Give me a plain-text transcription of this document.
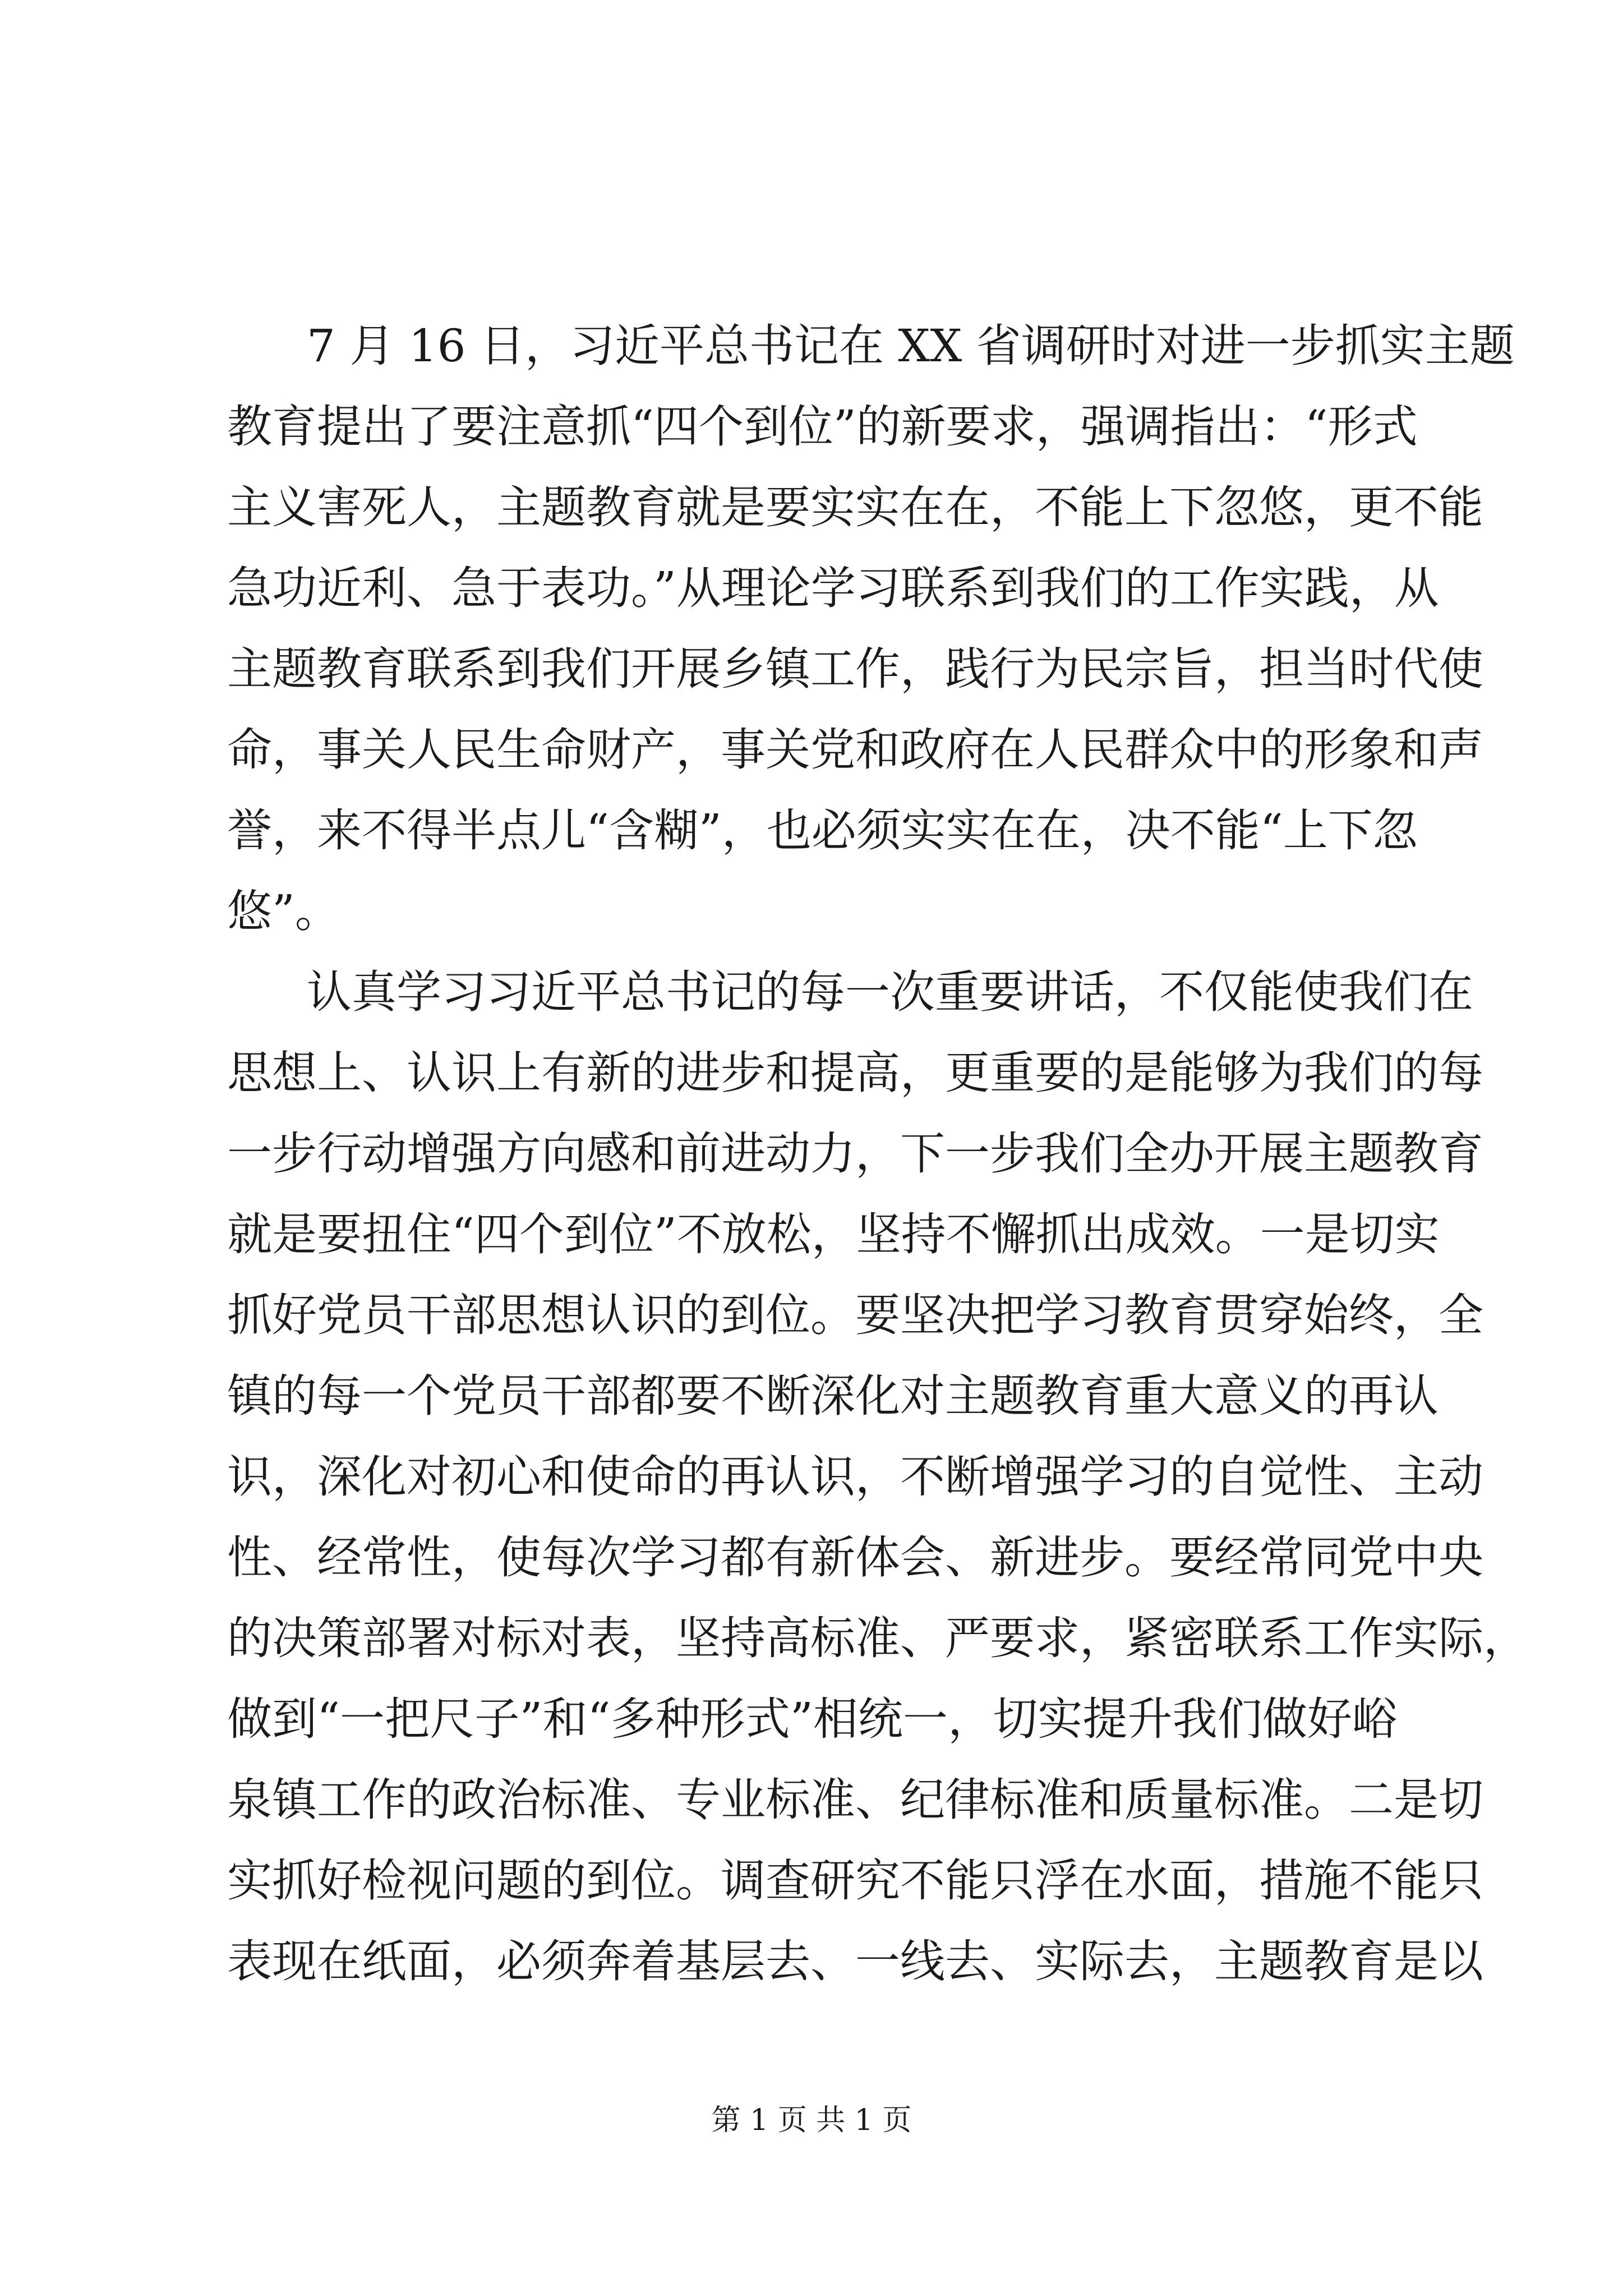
7 月 16 日，习近平总书记在 XX 省调研时对进一步抓实主题
教育提出了要注意抓“四个到位”的新要求，强调指出：“形式
主义害死人，主题教育就是要实实在在，不能上下忽悠，更不能
急功近利、急于表功。”从理论学习联系到我们的工作实践，从
主题教育联系到我们开展乡镇工作，践行为民宗旨，担当时代使
命，事关人民生命财产，事关党和政府在人民群众中的形象和声
誉，来不得半点儿“含糊”，也必须实实在在，决不能“上下忽
悠”。
认真学习习近平总书记的每一次重要讲话，不仅能使我们在
思想上、认识上有新的进步和提高，更重要的是能够为我们的每
一步行动增强方向感和前进动力，下一步我们全办开展主题教育
就是要扭住“四个到位”不放松，坚持不懈抓出成效。一是切实
抓好党员干部思想认识的到位。要坚决把学习教育贯穿始终，全
镇的每一个党员干部都要不断深化对主题教育重大意义的再认
识，深化对初心和使命的再认识，不断增强学习的自觉性、主动
性、经常性，使每次学习都有新体会、新进步。要经常同党中央
的决策部署对标对表，坚持高标准、严要求，紧密联系工作实际，
做到“一把尺子”和“多种形式”相统一，切实提升我们做好峪
泉镇工作的政治标准、专业标准、纪律标准和质量标准。二是切
实抓好检视问题的到位。调查研究不能只浮在水面，措施不能只
表现在纸面，必须奔着基层去、一线去、实际去，主题教育是以
第 1 页 共 1 页
